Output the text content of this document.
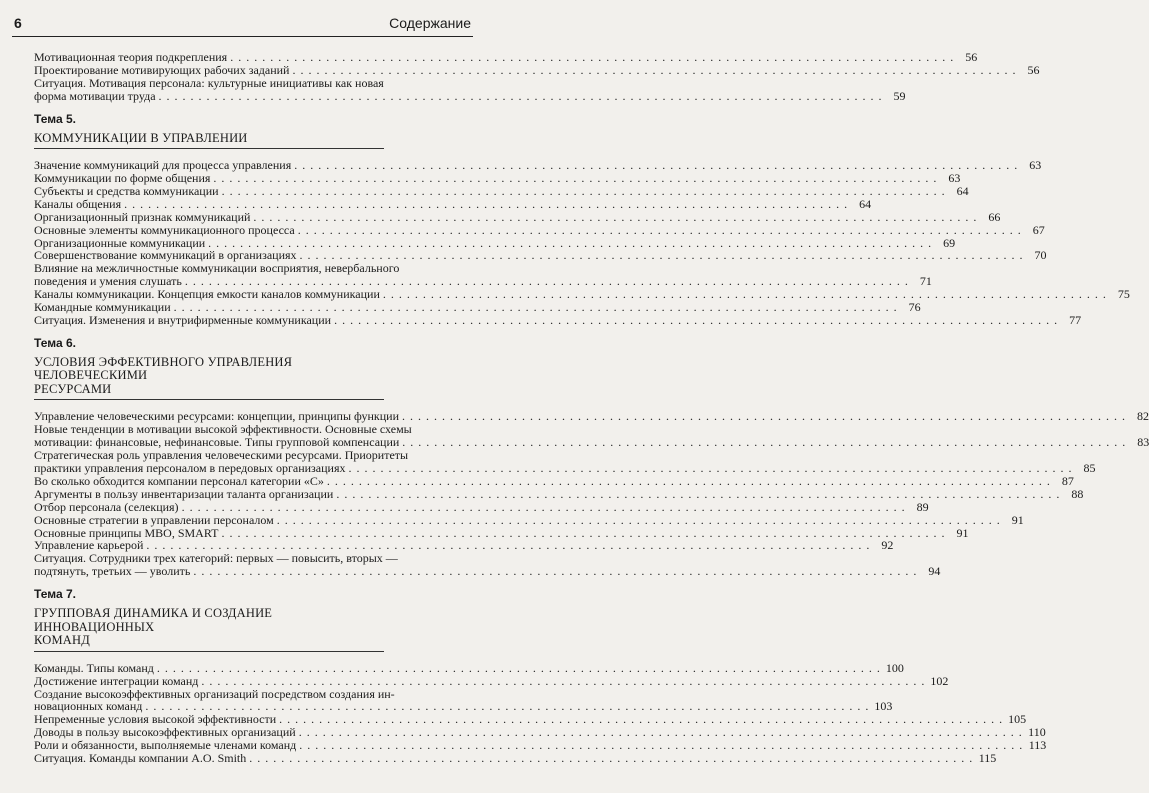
6	Содержание
Мотивационная теория подкрепления . . .	56
Проектирование мотивирующих рабочих заданий . . .	56
Ситуация. Мотивация персонала: культурные инициативы как новая
форма мотивации труда . . .	59
Тема 5.
КОММУНИКАЦИИ В УПРАВЛЕНИИ
Значение коммуникаций для процесса управления . . .	63
Коммуникации по форме общения . . .	63
Субъекты и средства коммуникации . . .	64
Каналы общения . . .	64
Организационный признак коммуникаций . . .	66
Основные элементы коммуникационного процесса . . .	67
Организационные коммуникации . . .	69
Совершенствование коммуникаций в организациях . . .	70
Влияние на межличностные коммуникации восприятия, невербального
поведения и умения слушать . . .	71
Каналы коммуникации. Концепция емкости каналов коммуникации . . .	75
Командные коммуникации . . .	76
Ситуация. Изменения и внутрифирменные коммуникации . . .	77
Тема 6.
УСЛОВИЯ ЭФФЕКТИВНОГО УПРАВЛЕНИЯ ЧЕЛОВЕЧЕСКИМИ
РЕСУРСАМИ
Управление человеческими ресурсами: концепции, принципы функции . . .	82
Новые тенденции в мотивации высокой эффективности. Основные схемы
мотивации: финансовые, нефинансовые. Типы групповой компенсации . . .	83
Стратегическая роль управления человеческими ресурсами. Приоритеты
практики управления персоналом в передовых организациях . . .	85
Во сколько обходится компании персонал категории «С» . . .	87
Аргументы в пользу инвентаризации таланта организации . . .	88
Отбор персонала (селекция) . . .	89
Основные стратегии в управлении персоналом . . .	91
Основные принципы MBO, SMART . . .	91
Управление карьерой . . .	92
Ситуация. Сотрудники трех категорий: первых — повысить, вторых —
подтянуть, третьих — уволить . . .	94
Тема 7.
ГРУППОВАЯ ДИНАМИКА И СОЗДАНИЕ ИННОВАЦИОННЫХ
КОМАНД
Команды. Типы команд . . .	100
Достижение интеграции команд . . .	102
Создание высокоэффективных организаций посредством создания ин-
новационных команд . . .	103
Непременные условия высокой эффективности . . .	105
Доводы в пользу высокоэффективных организаций . . .	110
Роли и обязанности, выполняемые членами команд . . .	113
Ситуация. Команды компании A.O. Smith . . .	115
